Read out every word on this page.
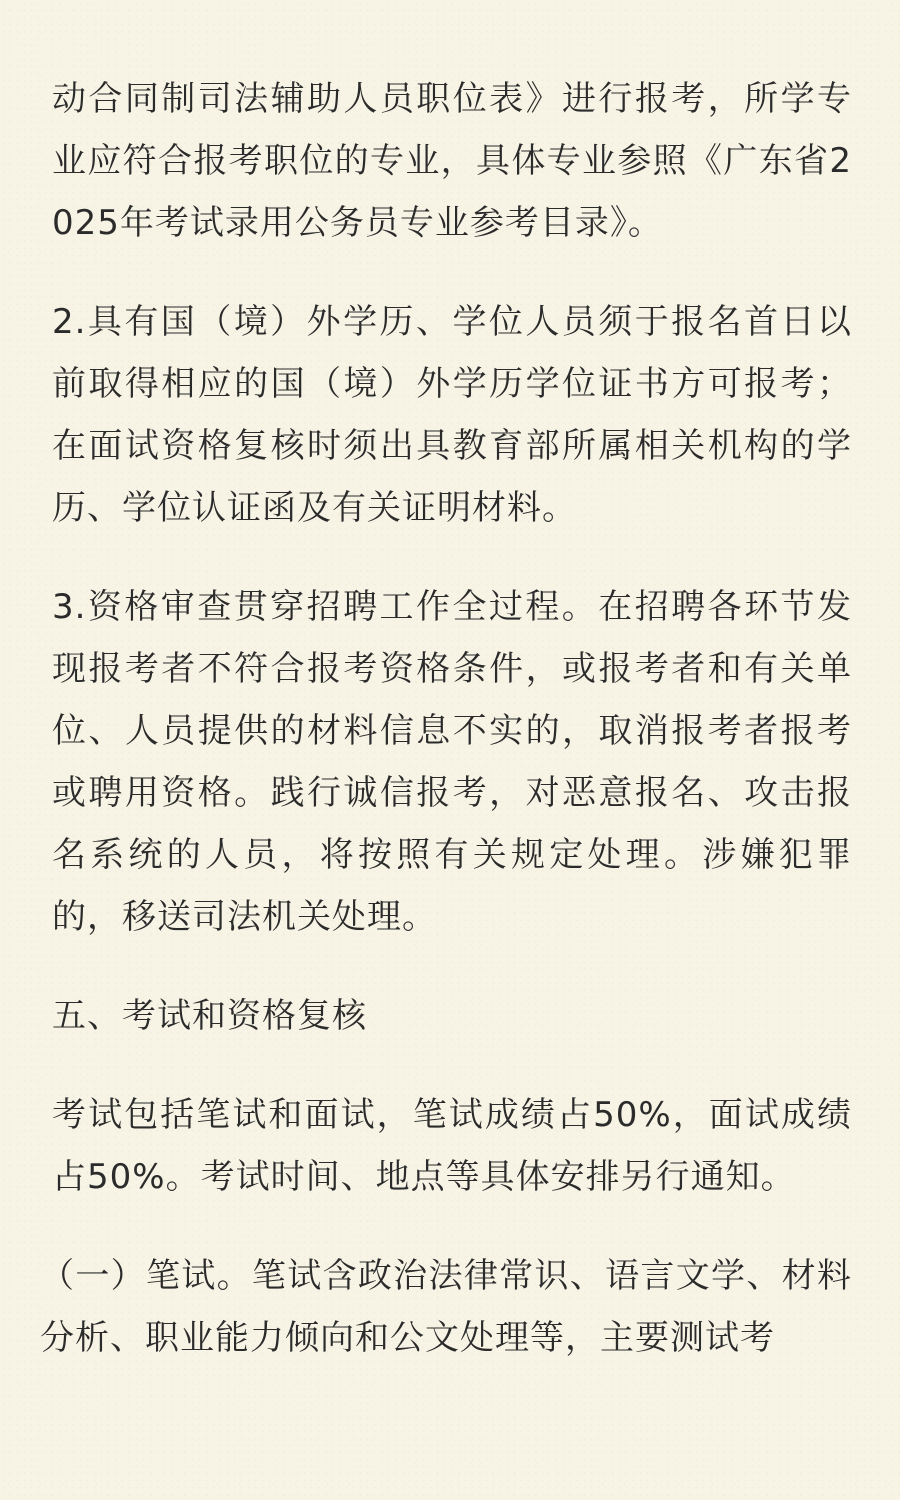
动合同制司法辅助人员职位表》进行报考，所学专业应符合报考职位的专业，具体专业参照《广东省2025年考试录用公务员专业参考目录》。

2.具有国（境）外学历、学位人员须于报名首日以前取得相应的国（境）外学历学位证书方可报考；在面试资格复核时须出具教育部所属相关机构的学历、学位认证函及有关证明材料。

3.资格审查贯穿招聘工作全过程。在招聘各环节发现报考者不符合报考资格条件，或报考者和有关单位、人员提供的材料信息不实的，取消报考者报考或聘用资格。践行诚信报考，对恶意报名、攻击报名系统的人员，将按照有关规定处理。涉嫌犯罪的，移送司法机关处理。

五、考试和资格复核

考试包括笔试和面试，笔试成绩占50%，面试成绩占50%。考试时间、地点等具体安排另行通知。

（一）笔试。笔试含政治法律常识、语言文学、材料分析、职业能力倾向和公文处理等，主要测试考
